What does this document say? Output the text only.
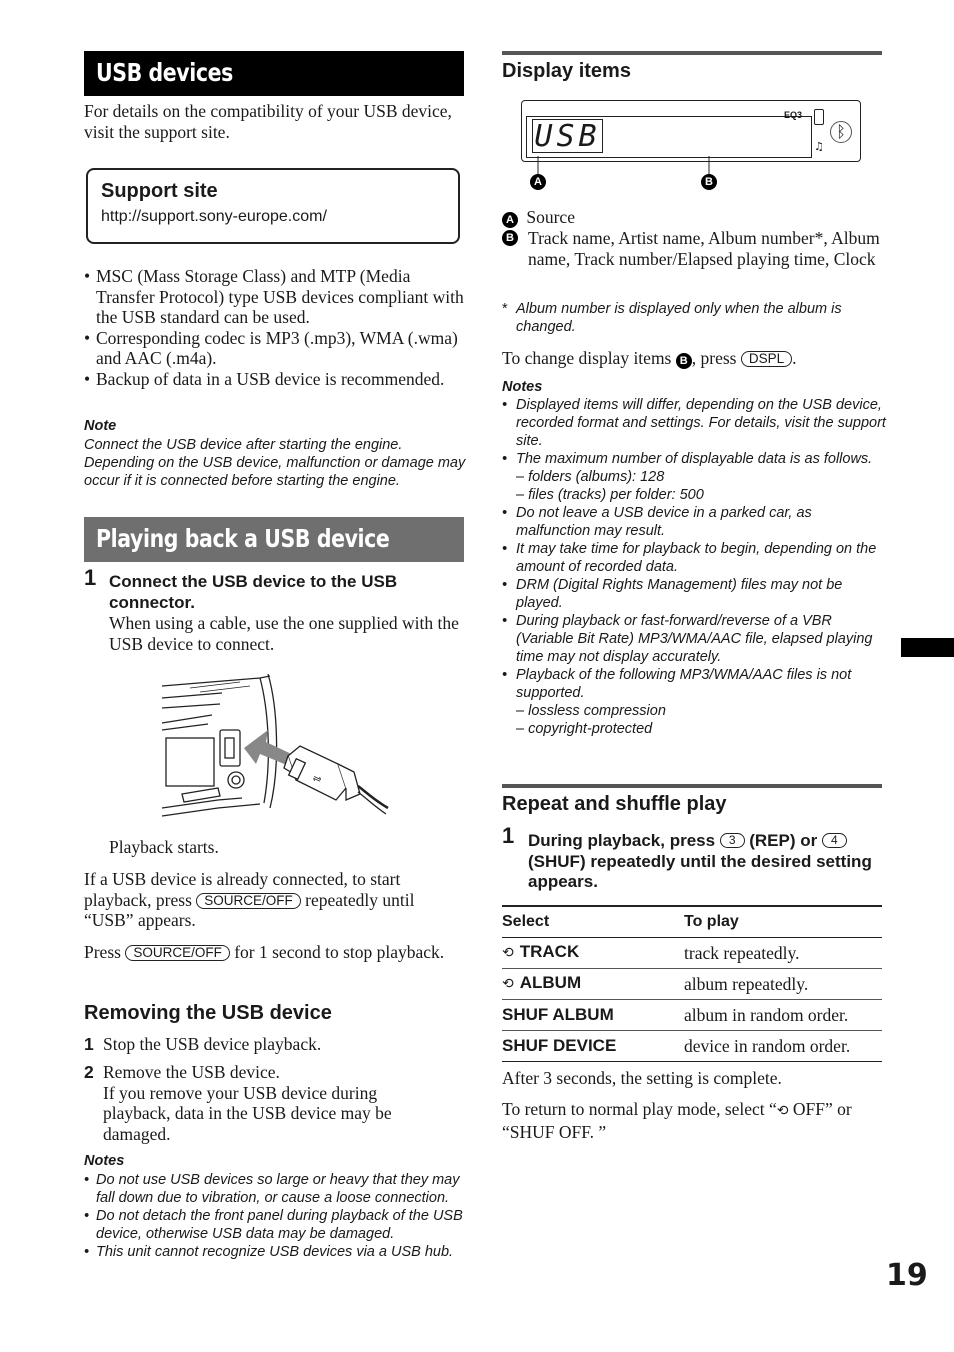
USB devices
For details on the compatibility of your USB device, visit the support site.
Support site
http://support.sony-europe.com/
• MSC (Mass Storage Class) and MTP (Media Transfer Protocol) type USB devices compliant with the USB standard can be used.
• Corresponding codec is MP3 (.mp3), WMA (.wma) and AAC (.m4a).
• Backup of data in a USB device is recommended.
Note
Connect the USB device after starting the engine. Depending on the USB device, malfunction or damage may occur if it is connected before starting the engine.
Playing back a USB device
1 Connect the USB device to the USB connector.
When using a cable, use the one supplied with the USB device to connect.
⇌
Playback starts.
If a USB device is already connected, to start playback, press SOURCE/OFF repeatedly until “USB” appears.
Press SOURCE/OFF for 1 second to stop playback.
Removing the USB device
1 Stop the USB device playback.
2 Remove the USB device.
If you remove your USB device during playback, data in the USB device may be damaged.
Notes
• Do not use USB devices so large or heavy that they may fall down due to vibration, or cause a loose connection.
• Do not detach the front panel during playback of the USB device, otherwise USB data may be damaged.
• This unit cannot recognize USB devices via a USB hub.
Display items
USB
EQ3
ᛒ
♫
A	B
A Source
B Track name, Artist name, Album number*, Album name, Track number/Elapsed playing time, Clock
* Album number is displayed only when the album is changed.
To change display items B , press DSPL .
Notes
• Displayed items will differ, depending on the USB device, recorded format and settings. For details, visit the support site.
• The maximum number of displayable data is as follows.
– folders (albums): 128
– files (tracks) per folder: 500
• Do not leave a USB device in a parked car, as malfunction may result.
• It may take time for playback to begin, depending on the amount of recorded data.
• DRM (Digital Rights Management) files may not be played.
• During playback or fast-forward/reverse of a VBR (Variable Bit Rate) MP3/WMA/AAC file, elapsed playing time may not display accurately.
• Playback of the following MP3/WMA/AAC files is not supported.
– lossless compression
– copyright-protected
Repeat and shuffle play
1 During playback, press 3 (REP) or 4 (SHUF) repeatedly until the desired setting appears.
Select	To play
⟲ TRACK	track repeatedly.
⟲ ALBUM	album repeatedly.
SHUF ALBUM	album in random order.
SHUF DEVICE	device in random order.
After 3 seconds, the setting is complete.
To return to normal play mode, select “⟲ OFF” or “SHUF OFF. ”
19
